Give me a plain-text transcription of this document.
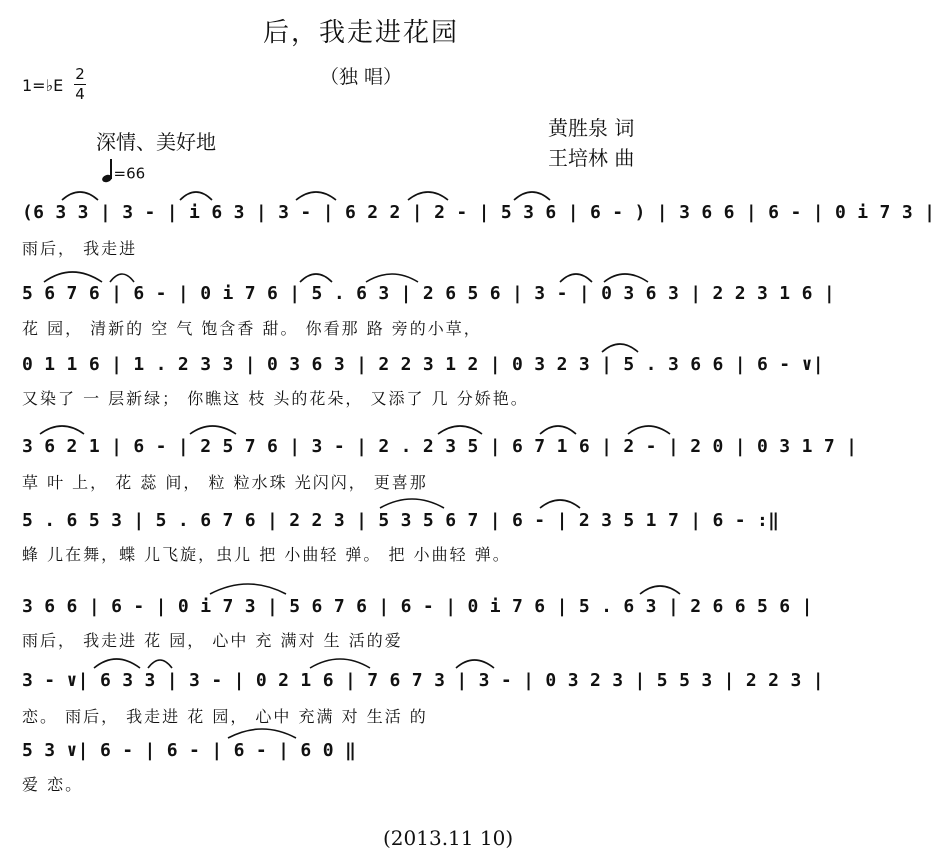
后，我走进花园
（独 唱）
1=♭E
2
4
深情、美好地
黄胜泉 词
王培林 曲
=66
(6 3 3 | 3 - | i 6 3 | 3 - | 6 2 2 | 2 - | 5 3 6 | 6 - ) | 3 6 6 | 6 - | 0 i 7 3 |
雨后， 我走进
5 6 7 6 | 6 - | 0 i 7 6 | 5 . 6 3 | 2 6 5 6 | 3 - | 0 3 6 3 | 2 2 3 1 6 |
花 园， 清新的 空 气 饱含香 甜。 你看那 路 旁的小草，
0 1 1 6 | 1 . 2 3 3 | 0 3 6 3 | 2 2 3 1 2 | 0 3 2 3 | 5 . 3 6 6 | 6 - ∨|
又染了 一 层新绿； 你瞧这 枝 头的花朵， 又添了 几 分娇艳。
3 6 2 1 | 6 - | 2 5 7 6 | 3 - | 2 . 2 3 5 | 6 7 1 6 | 2 - | 2 0 | 0 3 1 7 |
草 叶 上， 花 蕊 间， 粒 粒水珠 光闪闪， 更喜那
5 . 6 5 3 | 5 . 6 7 6 | 2 2 3 | 5 3 5 6 7 | 6 - | 2 3 5 1 7 | 6 - :‖
蜂 儿在舞，蝶 儿飞旋，虫儿 把 小曲轻 弹。 把 小曲轻 弹。
3 6 6 | 6 - | 0 i 7 3 | 5 6 7 6 | 6 - | 0 i 7 6 | 5 . 6 3 | 2 6 6 5 6 |
雨后， 我走进 花 园， 心中 充 满对 生 活的爱
3 - ∨| 6 3 3 | 3 - | 0 2 1 6 | 7 6 7 3 | 3 - | 0 3 2 3 | 5 5 3 | 2 2 3 |
恋。 雨后， 我走进 花 园， 心中 充满 对 生活 的
5 3 ∨| 6 - | 6 - | 6 - | 6 0 ‖
爱 恋。
(2013.11 10)
